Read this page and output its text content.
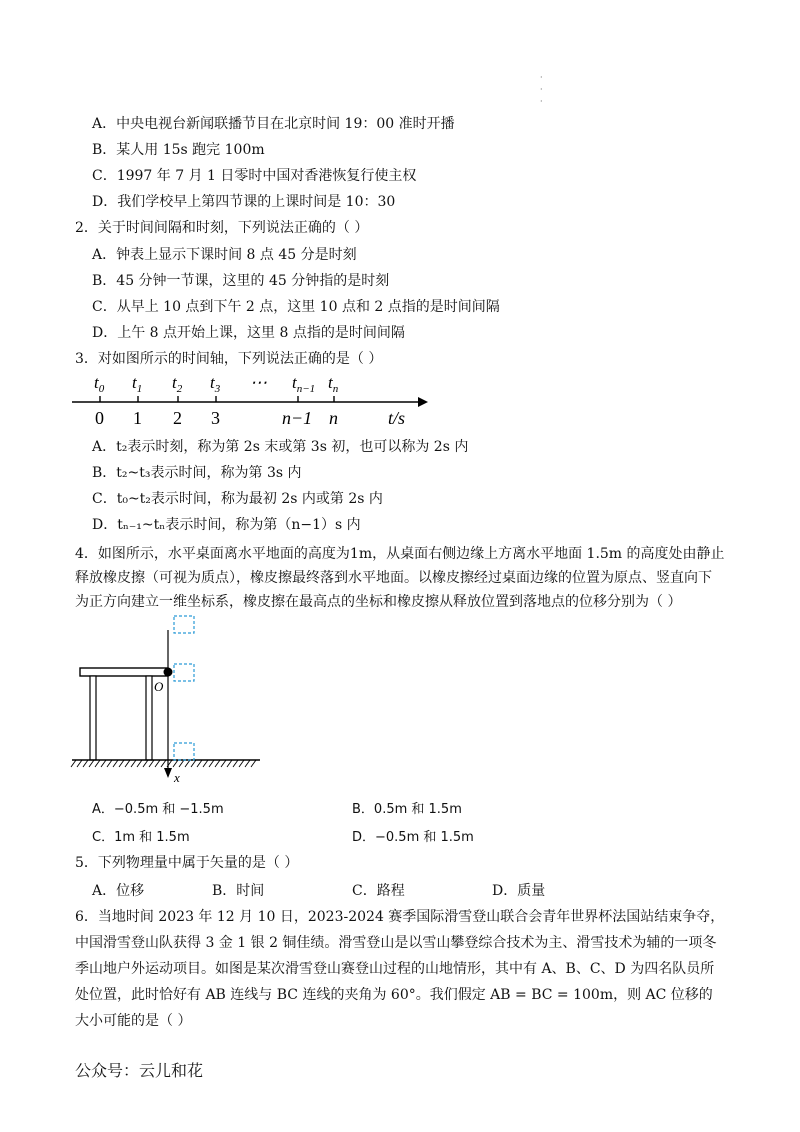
·
·
·
A．中央电视台新闻联播节目在北京时间 19：00 准时开播
B．某人用 15s 跑完 100m
C．1997 年 7 月 1 日零时中国对香港恢复行使主权
D．我们学校早上第四节课的上课时间是 10：30
2．关于时间间隔和时刻，下列说法正确的（ ）
A．钟表上显示下课时间 8 点 45 分是时刻
B．45 分钟一节课，这里的 45 分钟指的是时刻
C．从早上 10 点到下午 2 点，这里 10 点和 2 点指的是时间间隔
D．上午 8 点开始上课，这里 8 点指的是时间间隔
3．对如图所示的时间轴，下列说法正确的是（ ）
$t_0$ $t_1$ $t_2$ $t_3$ ⋯ $t_{n-1}$ $t_n$
0 1 2 3	n−1 n	t/s
A．t₂表示时刻，称为第 2s 末或第 3s 初，也可以称为 2s 内
B．t₂~t₃表示时间，称为第 3s 内
C．t₀~t₂表示时间，称为最初 2s 内或第 2s 内
D．tₙ₋₁~tₙ表示时间，称为第（n−1）s 内
4．如图所示，水平桌面离水平地面的高度为1m，从桌面右侧边缘上方离水平地面 1.5m 的高度处由静止释放橡皮擦（可视为质点），橡皮擦最终落到水平地面。以橡皮擦经过桌面边缘的位置为原点、竖直向下为正方向建立一维坐标系，橡皮擦在最高点的坐标和橡皮擦从释放位置到落地点的位移分别为（ ）
O
x
A．−0.5m 和 −1.5m	B．0.5m 和 1.5m
C．1m 和 1.5m	D．−0.5m 和 1.5m
5．下列物理量中属于矢量的是（ ）
A．位移	B．时间	C．路程	D．质量
6．当地时间 2023 年 12 月 10 日，2023-2024 赛季国际滑雪登山联合会青年世界杯法国站结束争夺，中国滑雪登山队获得 3 金 1 银 2 铜佳绩。滑雪登山是以雪山攀登综合技术为主、滑雪技术为辅的一项冬季山地户外运动项目。如图是某次滑雪登山赛登山过程的山地情形，其中有 A、B、C、D 为四名队员所处位置，此时恰好有 AB 连线与 BC 连线的夹角为 60°。我们假定 AB = BC = 100m，则 AC 位移的大小可能的是（ ）
公众号：云儿和花
